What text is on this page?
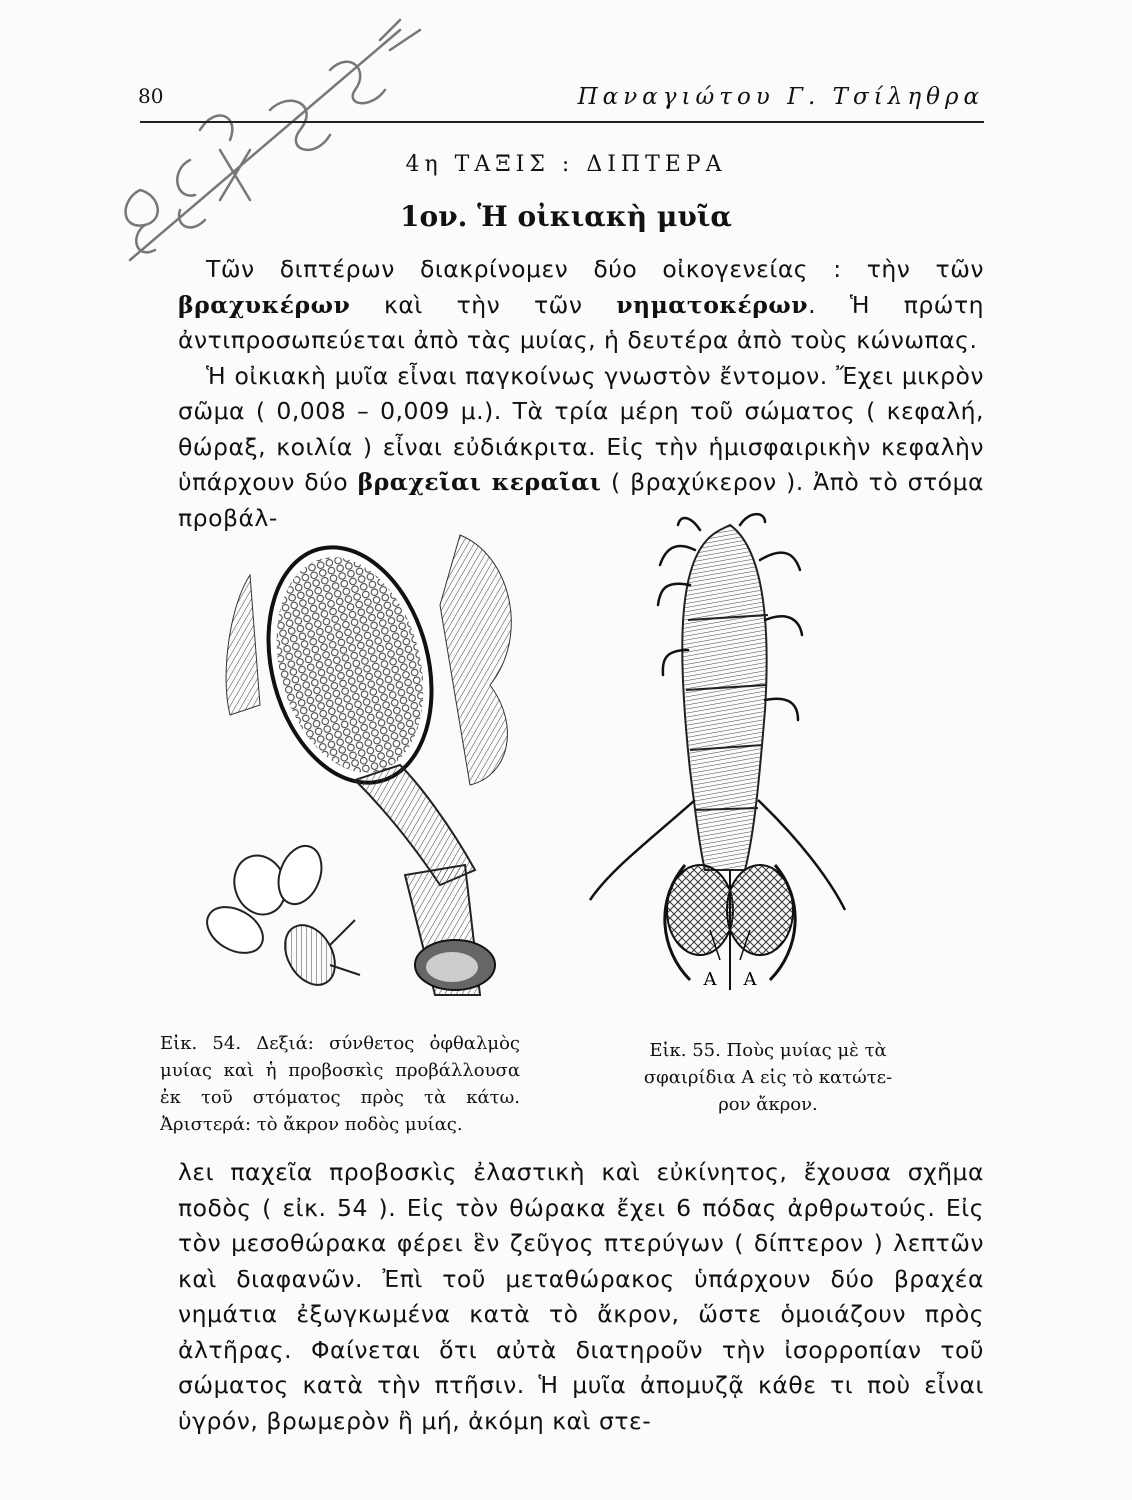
80	Παναγιώτου Γ. Τσίληθρα
4η ΤΑΞΙΣ : ΔΙΠΤΕΡΑ
1ον. Ἡ οἰκιακὴ μυῖα

Τῶν διπτέρων διακρίνομεν δύο οἰκογενείας : τὴν τῶν βραχυκέρων καὶ τὴν τῶν νηματοκέρων. Ἡ πρώτη ἀντιπροσωπεύεται ἀπὸ τὰς μυίας, ἡ δευτέρα ἀπὸ τοὺς κώνωπας.

Ἡ οἰκιακὴ μυῖα εἶναι παγκοίνως γνωστὸν ἔντομον. Ἔχει μικρὸν σῶμα ( 0,008 – 0,009 μ.). Τὰ τρία μέρη τοῦ σώματος ( κεφαλή, θώραξ, κοιλία ) εἶναι εὐδιάκριτα. Εἰς τὴν ἡμισφαιρικὴν κεφαλὴν ὑπάρχουν δύο βραχεῖαι κεραῖαι ( βραχύκερον ). Ἀπὸ τὸ στόμα προβάλ-

Α Α
Εἰκ. 54. Δεξιά: σύνθετος ὀφθαλμὸς μυίας καὶ ἡ προβοσκὶς προβάλλουσα ἐκ τοῦ στόματος πρὸς τὰ κάτω. Ἀριστερά: τὸ ἄκρον ποδὸς μυίας.
Εἰκ. 55. Ποὺς μυίας μὲ τὰ
σφαιρίδια Α εἰς τὸ κατώτε-
ρον ἄκρον.

λει παχεῖα προβοσκὶς ἐλαστικὴ καὶ εὐκίνητος, ἔχουσα σχῆμα ποδὸς ( εἰκ. 54 ). Εἰς τὸν θώρακα ἔχει 6 πόδας ἀρθρωτούς. Εἰς τὸν μεσοθώρακα φέρει ἓν ζεῦγος πτερύγων ( δίπτερον ) λεπτῶν καὶ διαφανῶν. Ἐπὶ τοῦ μεταθώρακος ὑπάρχουν δύο βραχέα νημάτια ἐξωγκωμένα κατὰ τὸ ἄκρον, ὥστε ὁμοιάζουν πρὸς ἀλτῆρας. Φαίνεται ὅτι αὐτὰ διατηροῦν τὴν ἰσορροπίαν τοῦ σώματος κατὰ τὴν πτῆσιν. Ἡ μυῖα ἀπομυζᾷ κάθε τι ποὺ εἶναι ὑγρόν, βρωμερὸν ἢ μή, ἀκόμη καὶ στε-
